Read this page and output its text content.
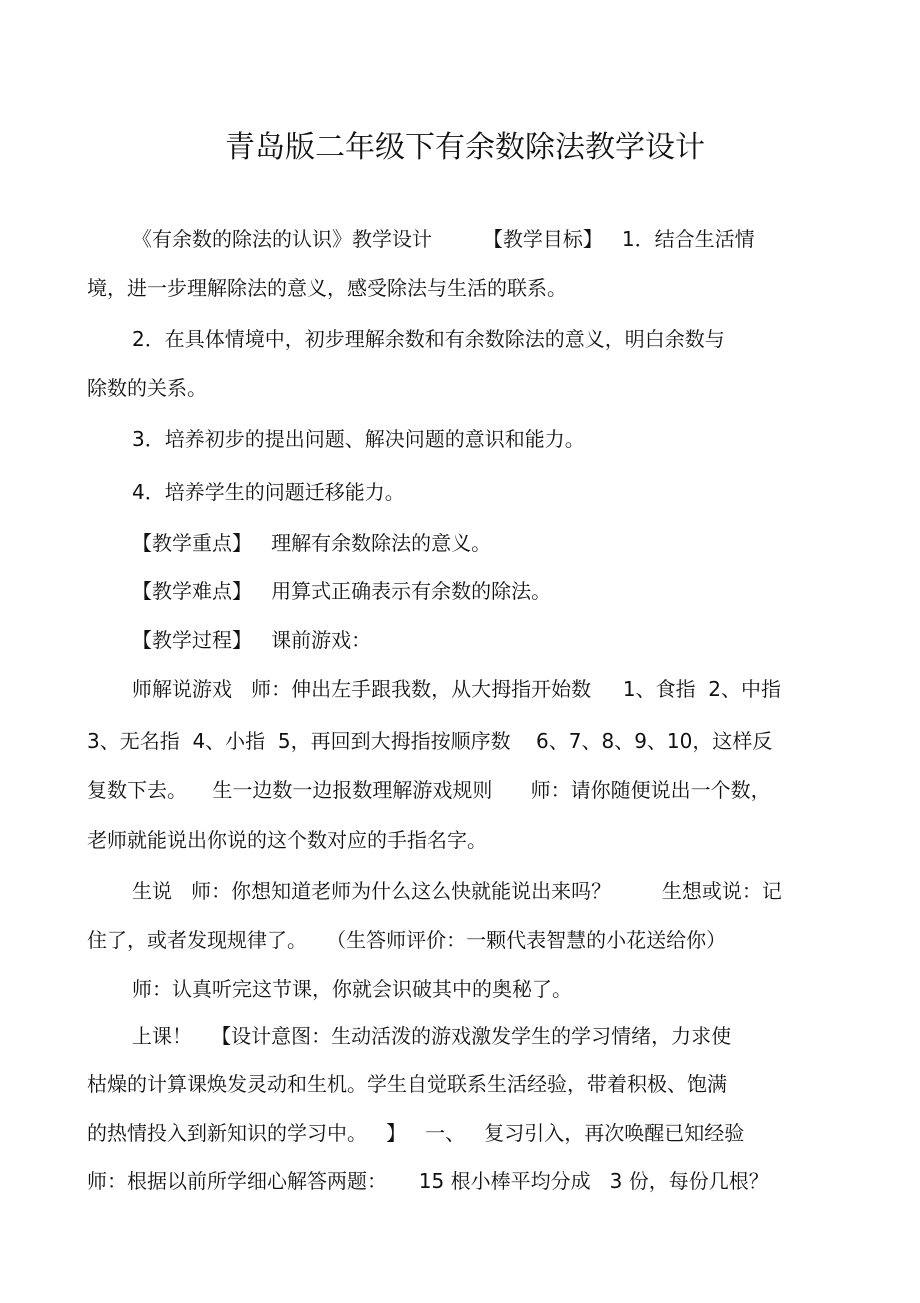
青岛版二年级下有余数除法教学设计
《有余数的除法的认识》教学设计        【教学目标】   1．结合生活情
境，进一步理解除法的意义，感受除法与生活的联系。
2．在具体情境中，初步理解余数和有余数除法的意义，明白余数与
除数的关系。
3．培养初步的提出问题、解决问题的意识和能力。
4．培养学生的问题迁移能力。
【教学重点】   理解有余数除法的意义。
【教学难点】   用算式正确表示有余数的除法。
【教学过程】   课前游戏：
师解说游戏   师：伸出左手跟我数，从大拇指开始数     1、食指  2、中指
3、无名指  4、小指  5，再回到大拇指按顺序数    6、7、8、9、10，这样反
复数下去。    生一边数一边报数理解游戏规则      师：请你随便说出一个数，
老师就能说出你说的这个数对应的手指名字。
生说   师：你想知道老师为什么这么快就能说出来吗？        生想或说：记
住了，或者发现规律了。   （生答师评价：一颗代表智慧的小花送给你）
师：认真听完这节课，你就会识破其中的奥秘了。
上课！   【设计意图：生动活泼的游戏激发学生的学习情绪，力求使
枯燥的计算课焕发灵动和生机。学生自觉联系生活经验，带着积极、饱满
的热情投入到新知识的学习中。   】   一、   复习引入，再次唤醒已知经验
师：根据以前所学细心解答两题：     15 根小棒平均分成   3 份，每份几根？
